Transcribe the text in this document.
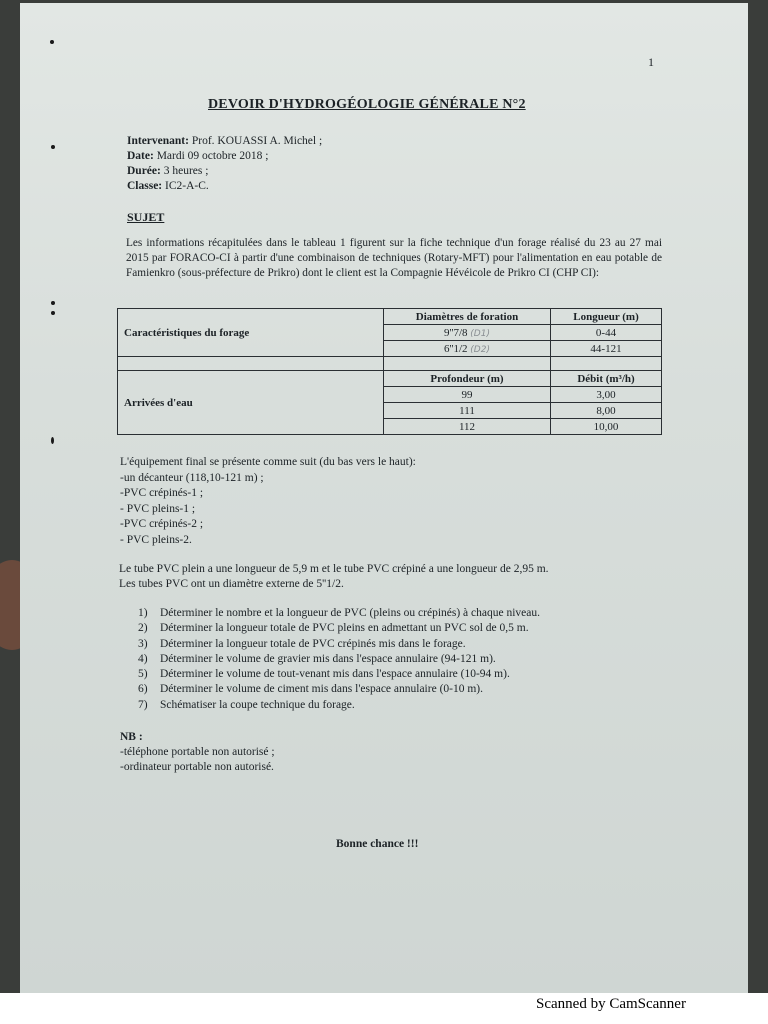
1
DEVOIR D'HYDROGÉOLOGIE GÉNÉRALE N°2
Intervenant: Prof. KOUASSI A. Michel ;
Date: Mardi 09 octobre 2018 ;
Durée: 3 heures ;
Classe: IC2-A-C.
SUJET
Les informations récapitulées dans le tableau 1 figurent sur la fiche technique d'un forage réalisé du 23 au 27 mai 2015 par FORACO-CI à partir d'une combinaison de techniques (Rotary-MFT) pour l'alimentation en eau potable de Famienkro (sous-préfecture de Prikro) dont le client est la Compagnie Hévéicole de Prikro CI (CHP CI):
Caractéristiques du forage	Diamètres de foration	Longueur (m)
	9''7/8 (D1)	0-44
	6''1/2 (D2)	44-121

Arrivées d'eau	Profondeur (m)	Débit (m³/h)
	99	3,00
	111	8,00
	112	10,00
L'équipement final se présente comme suit (du bas vers le haut):
-un décanteur (118,10-121 m) ;
-PVC crépinés-1 ;
- PVC pleins-1 ;
-PVC crépinés-2 ;
- PVC pleins-2.
Le tube PVC plein a une longueur de 5,9 m et le tube PVC crépiné a une longueur de 2,95 m.
Les tubes PVC ont un diamètre externe de 5''1/2.
1) Déterminer le nombre et la longueur de PVC (pleins ou crépinés) à chaque niveau.
2) Déterminer la longueur totale de PVC pleins en admettant un PVC sol de 0,5 m.
3) Déterminer la longueur totale de PVC crépinés mis dans le forage.
4) Déterminer le volume de gravier mis dans l'espace annulaire (94-121 m).
5) Déterminer le volume de tout-venant mis dans l'espace annulaire (10-94 m).
6) Déterminer le volume de ciment mis dans l'espace annulaire (0-10 m).
7) Schématiser la coupe technique du forage.
NB :
-téléphone portable non autorisé ;
-ordinateur portable non autorisé.
Bonne chance !!!
Scanned by CamScanner
